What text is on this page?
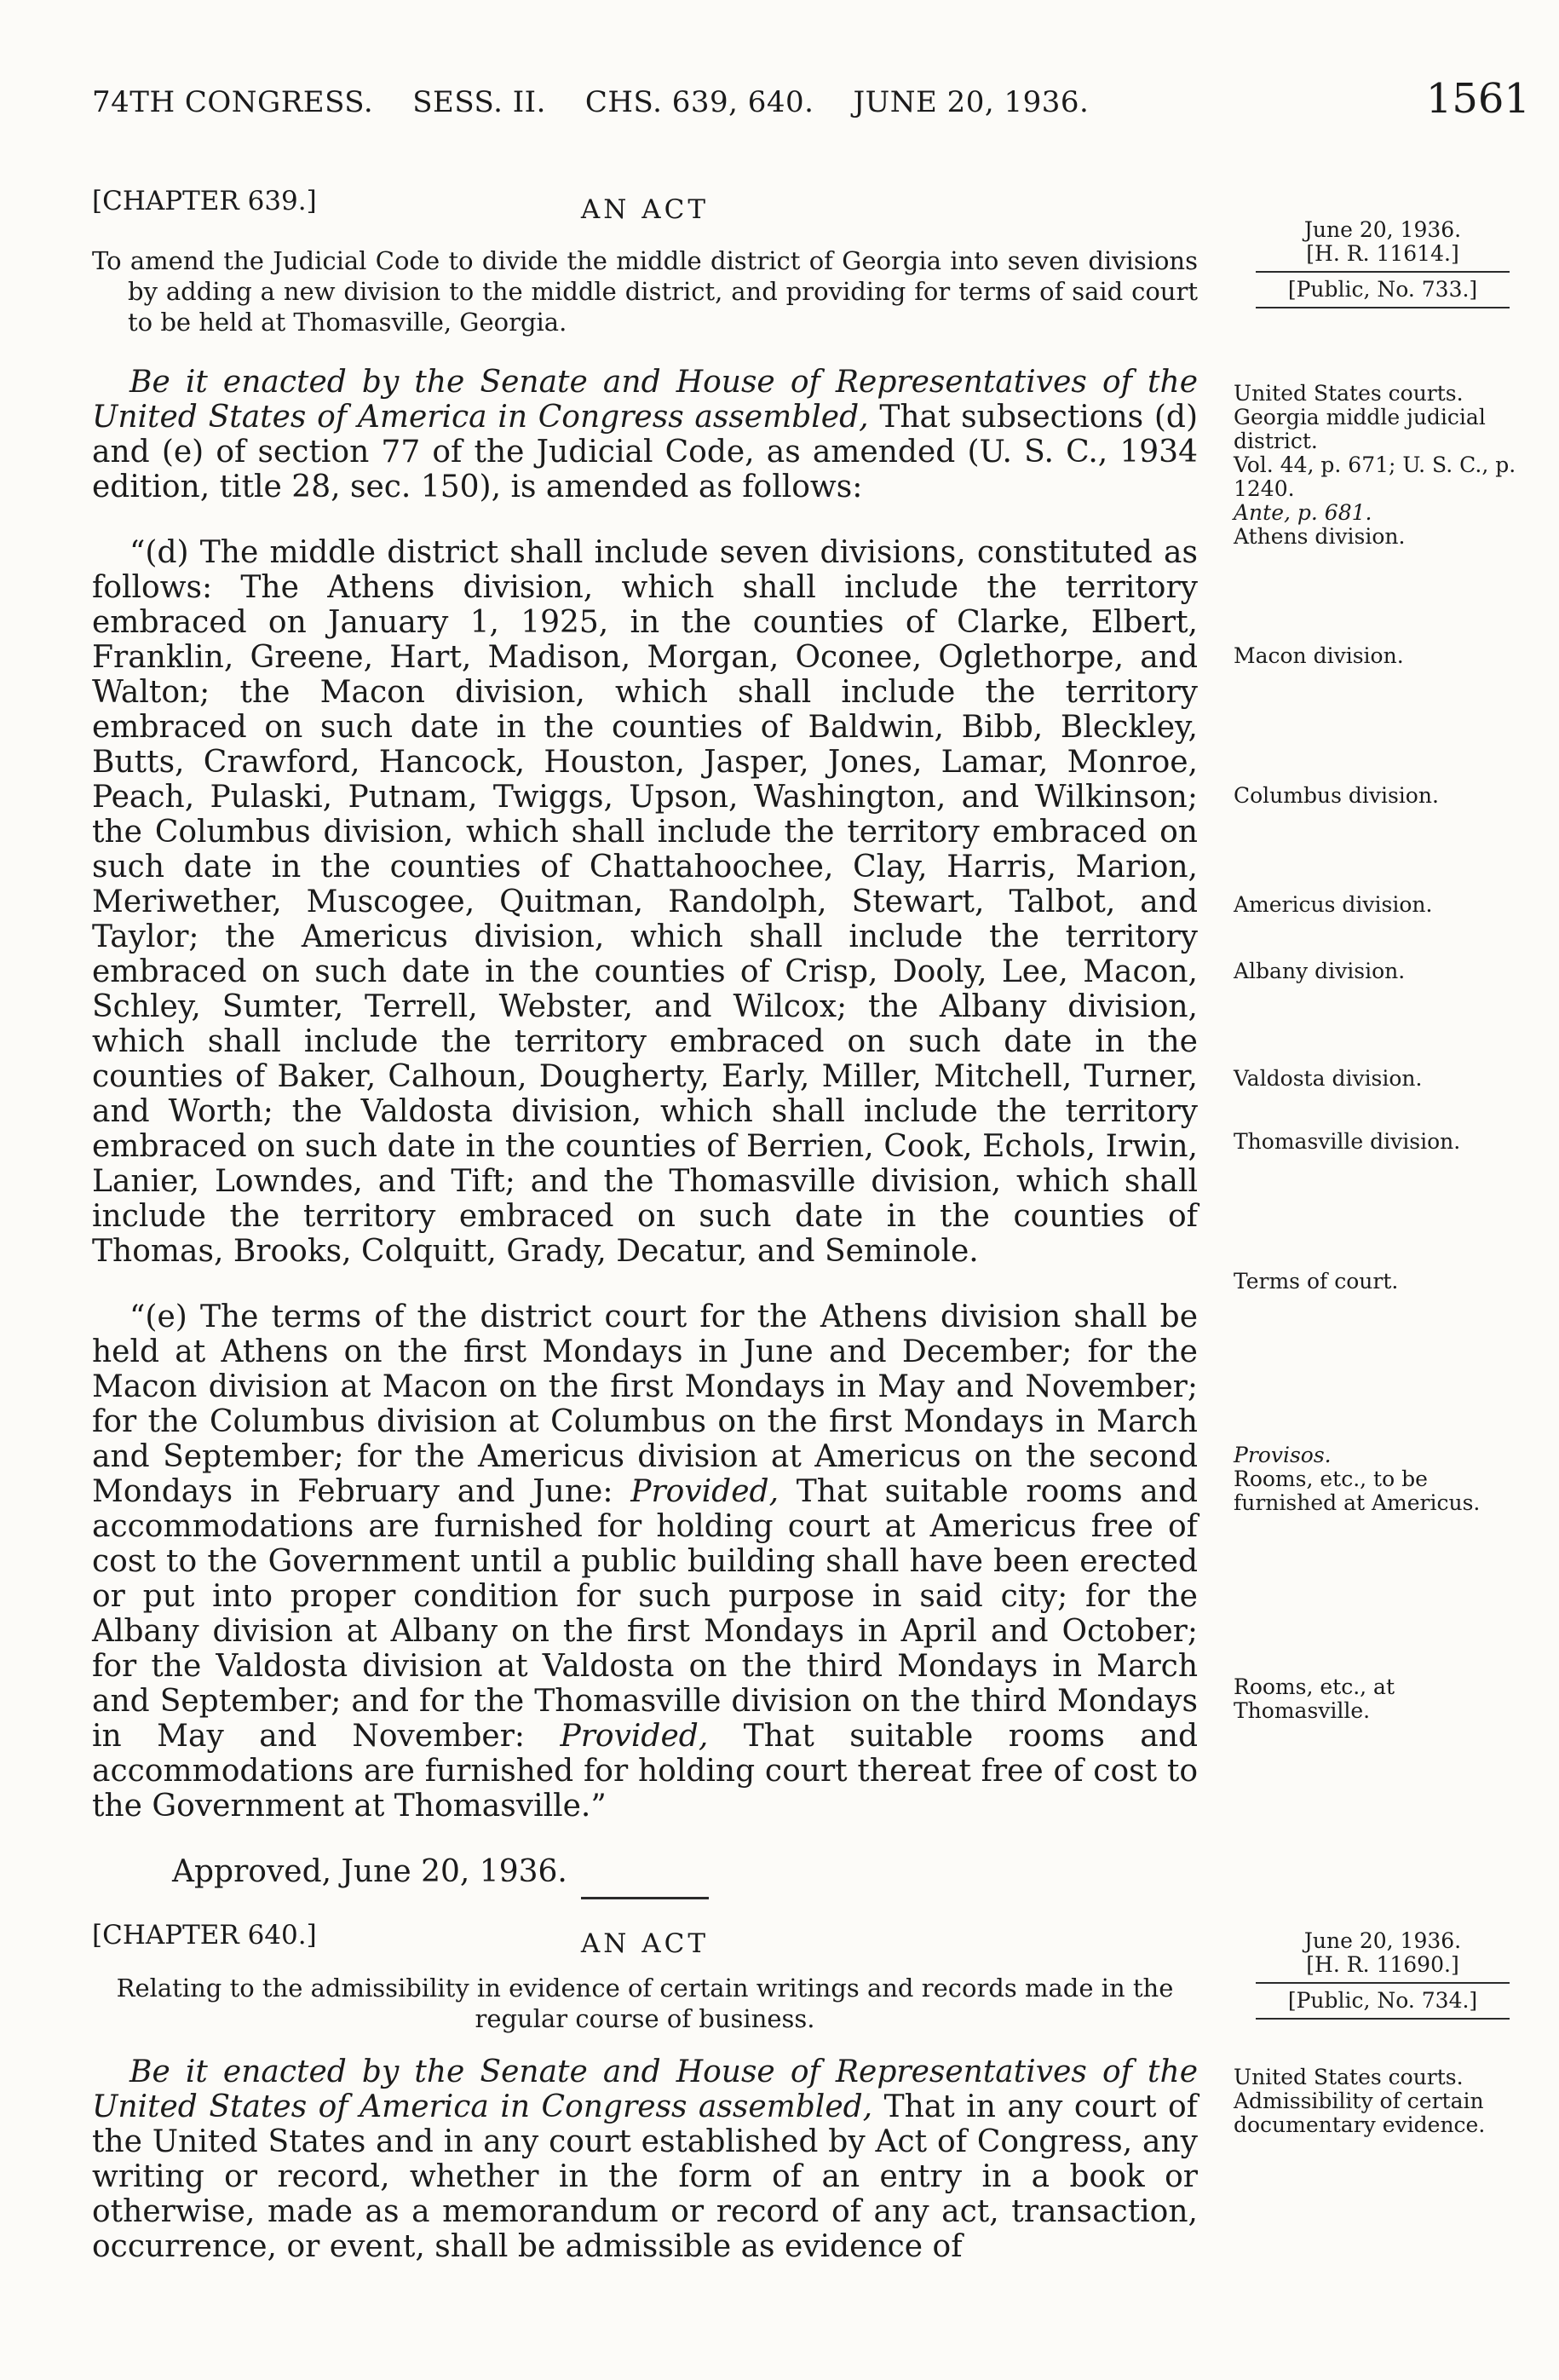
74TH CONGRESS. SESS. II. CHS. 639, 640. JUNE 20, 1936.	1561
[CHAPTER 639.]	AN ACT
To amend the Judicial Code to divide the middle district of Georgia into seven divisions by adding a new division to the middle district, and providing for terms of said court to be held at Thomasville, Georgia.

Be it enacted by the Senate and House of Representatives of the United States of America in Congress assembled, That subsections (d) and (e) of section 77 of the Judicial Code, as amended (U. S. C., 1934 edition, title 28, sec. 150), is amended as follows:

“(d) The middle district shall include seven divisions, constituted as follows: The Athens division, which shall include the territory embraced on January 1, 1925, in the counties of Clarke, Elbert, Franklin, Greene, Hart, Madison, Morgan, Oconee, Oglethorpe, and Walton; the Macon division, which shall include the territory embraced on such date in the counties of Baldwin, Bibb, Bleckley, Butts, Crawford, Hancock, Houston, Jasper, Jones, Lamar, Monroe, Peach, Pulaski, Putnam, Twiggs, Upson, Washington, and Wilkinson; the Columbus division, which shall include the territory embraced on such date in the counties of Chattahoochee, Clay, Harris, Marion, Meriwether, Muscogee, Quitman, Randolph, Stewart, Talbot, and Taylor; the Americus division, which shall include the territory embraced on such date in the counties of Crisp, Dooly, Lee, Macon, Schley, Sumter, Terrell, Webster, and Wilcox; the Albany division, which shall include the territory embraced on such date in the counties of Baker, Calhoun, Dougherty, Early, Miller, Mitchell, Turner, and Worth; the Valdosta division, which shall include the territory embraced on such date in the counties of Berrien, Cook, Echols, Irwin, Lanier, Lowndes, and Tift; and the Thomasville division, which shall include the territory embraced on such date in the counties of Thomas, Brooks, Colquitt, Grady, Decatur, and Seminole.

“(e) The terms of the district court for the Athens division shall be held at Athens on the first Mondays in June and December; for the Macon division at Macon on the first Mondays in May and November; for the Columbus division at Columbus on the first Mondays in March and September; for the Americus division at Americus on the second Mondays in February and June: Provided, That suitable rooms and accommodations are furnished for holding court at Americus free of cost to the Government until a public building shall have been erected or put into proper condition for such purpose in said city; for the Albany division at Albany on the first Mondays in April and October; for the Valdosta division at Valdosta on the third Mondays in March and September; and for the Thomasville division on the third Mondays in May and November: Provided, That suitable rooms and accommodations are furnished for holding court thereat free of cost to the Government at Thomasville.”

Approved, June 20, 1936.

[CHAPTER 640.]	AN ACT
Relating to the admissibility in evidence of certain writings and records made in the regular course of business.

Be it enacted by the Senate and House of Representatives of the United States of America in Congress assembled, That in any court of the United States and in any court established by Act of Congress, any writing or record, whether in the form of an entry in a book or otherwise, made as a memorandum or record of any act, transaction, occurrence, or event, shall be admissible as evidence of

June 20, 1936.
[H. R. 11614.]
[Public, No. 733.]
United States courts.
Georgia middle judicial district.
Vol. 44, p. 671; U. S. C., p. 1240.
Ante, p. 681.
Athens division.
Macon division.
Columbus division.
Americus division.
Albany division.
Valdosta division.
Thomasville division.
Terms of court.
Provisos.
Rooms, etc., to be furnished at Americus.
Rooms, etc., at Thomasville.
June 20, 1936.
[H. R. 11690.]
[Public, No. 734.]
United States courts.
Admissibility of certain documentary evidence.
